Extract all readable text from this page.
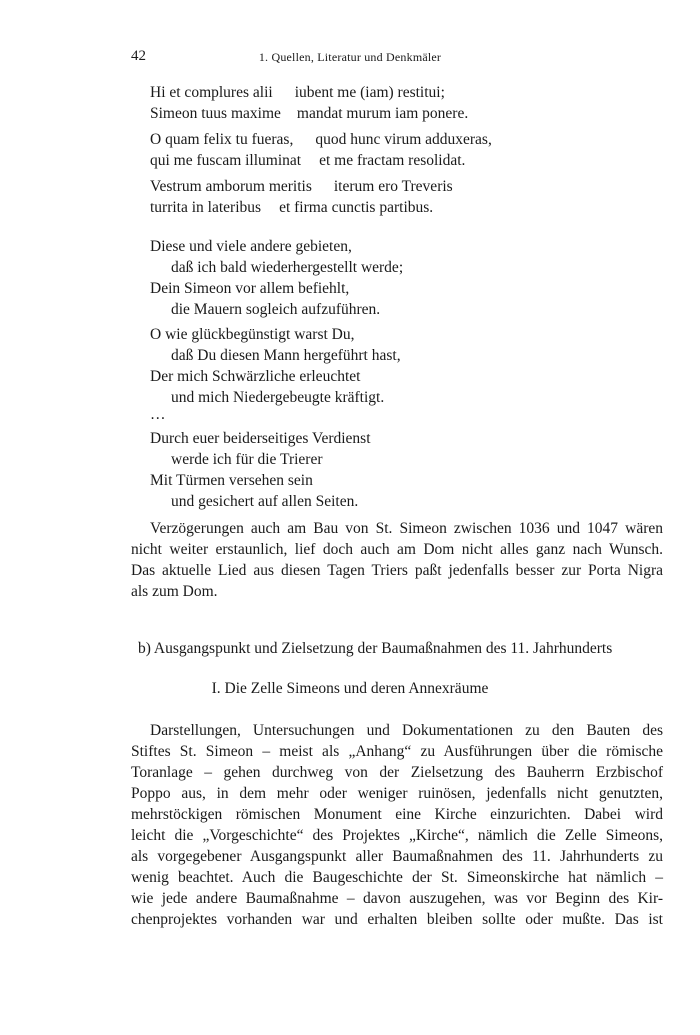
42	1. Quellen, Literatur und Denkmäler
Hi et complures alii iubent me (iam) restitui;
Simeon tuus maxime mandat murum iam ponere.
O quam felix tu fueras, quod hunc virum adduxeras,
qui me fuscam illuminat et me fractam resolidat.
Vestrum amborum meritis iterum ero Treveris
turrita in lateribus et firma cunctis partibus.
Diese und viele andere gebieten,
daß ich bald wiederhergestellt werde;
Dein Simeon vor allem befiehlt,
die Mauern sogleich aufzuführen.
O wie glückbegünstigt warst Du,
daß Du diesen Mann hergeführt hast,
Der mich Schwärzliche erleuchtet
und mich Niedergebeugte kräftigt.
…
Durch euer beiderseitiges Verdienst
werde ich für die Trierer
Mit Türmen versehen sein
und gesichert auf allen Seiten.
Verzögerungen auch am Bau von St. Simeon zwischen 1036 und 1047 wären
nicht weiter erstaunlich, lief doch auch am Dom nicht alles ganz nach Wunsch.
Das aktuelle Lied aus diesen Tagen Triers paßt jedenfalls besser zur Porta Nigra
als zum Dom.
b) Ausgangspunkt und Zielsetzung der Baumaßnahmen des 11. Jahrhunderts
I. Die Zelle Simeons und deren Annexräume
Darstellungen, Untersuchungen und Dokumentationen zu den Bauten des
Stiftes St. Simeon – meist als „Anhang“ zu Ausführungen über die römische
Toranlage – gehen durchweg von der Zielsetzung des Bauherrn Erzbischof
Poppo aus, in dem mehr oder weniger ruinösen, jedenfalls nicht genutzten,
mehrstöckigen römischen Monument eine Kirche einzurichten. Dabei wird
leicht die „Vorgeschichte“ des Projektes „Kirche“, nämlich die Zelle Simeons,
als vorgegebener Ausgangspunkt aller Baumaßnahmen des 11. Jahrhunderts zu
wenig beachtet. Auch die Baugeschichte der St. Simeonskirche hat nämlich –
wie jede andere Baumaßnahme – davon auszugehen, was vor Beginn des Kir-
chenprojektes vorhanden war und erhalten bleiben sollte oder mußte. Das ist
